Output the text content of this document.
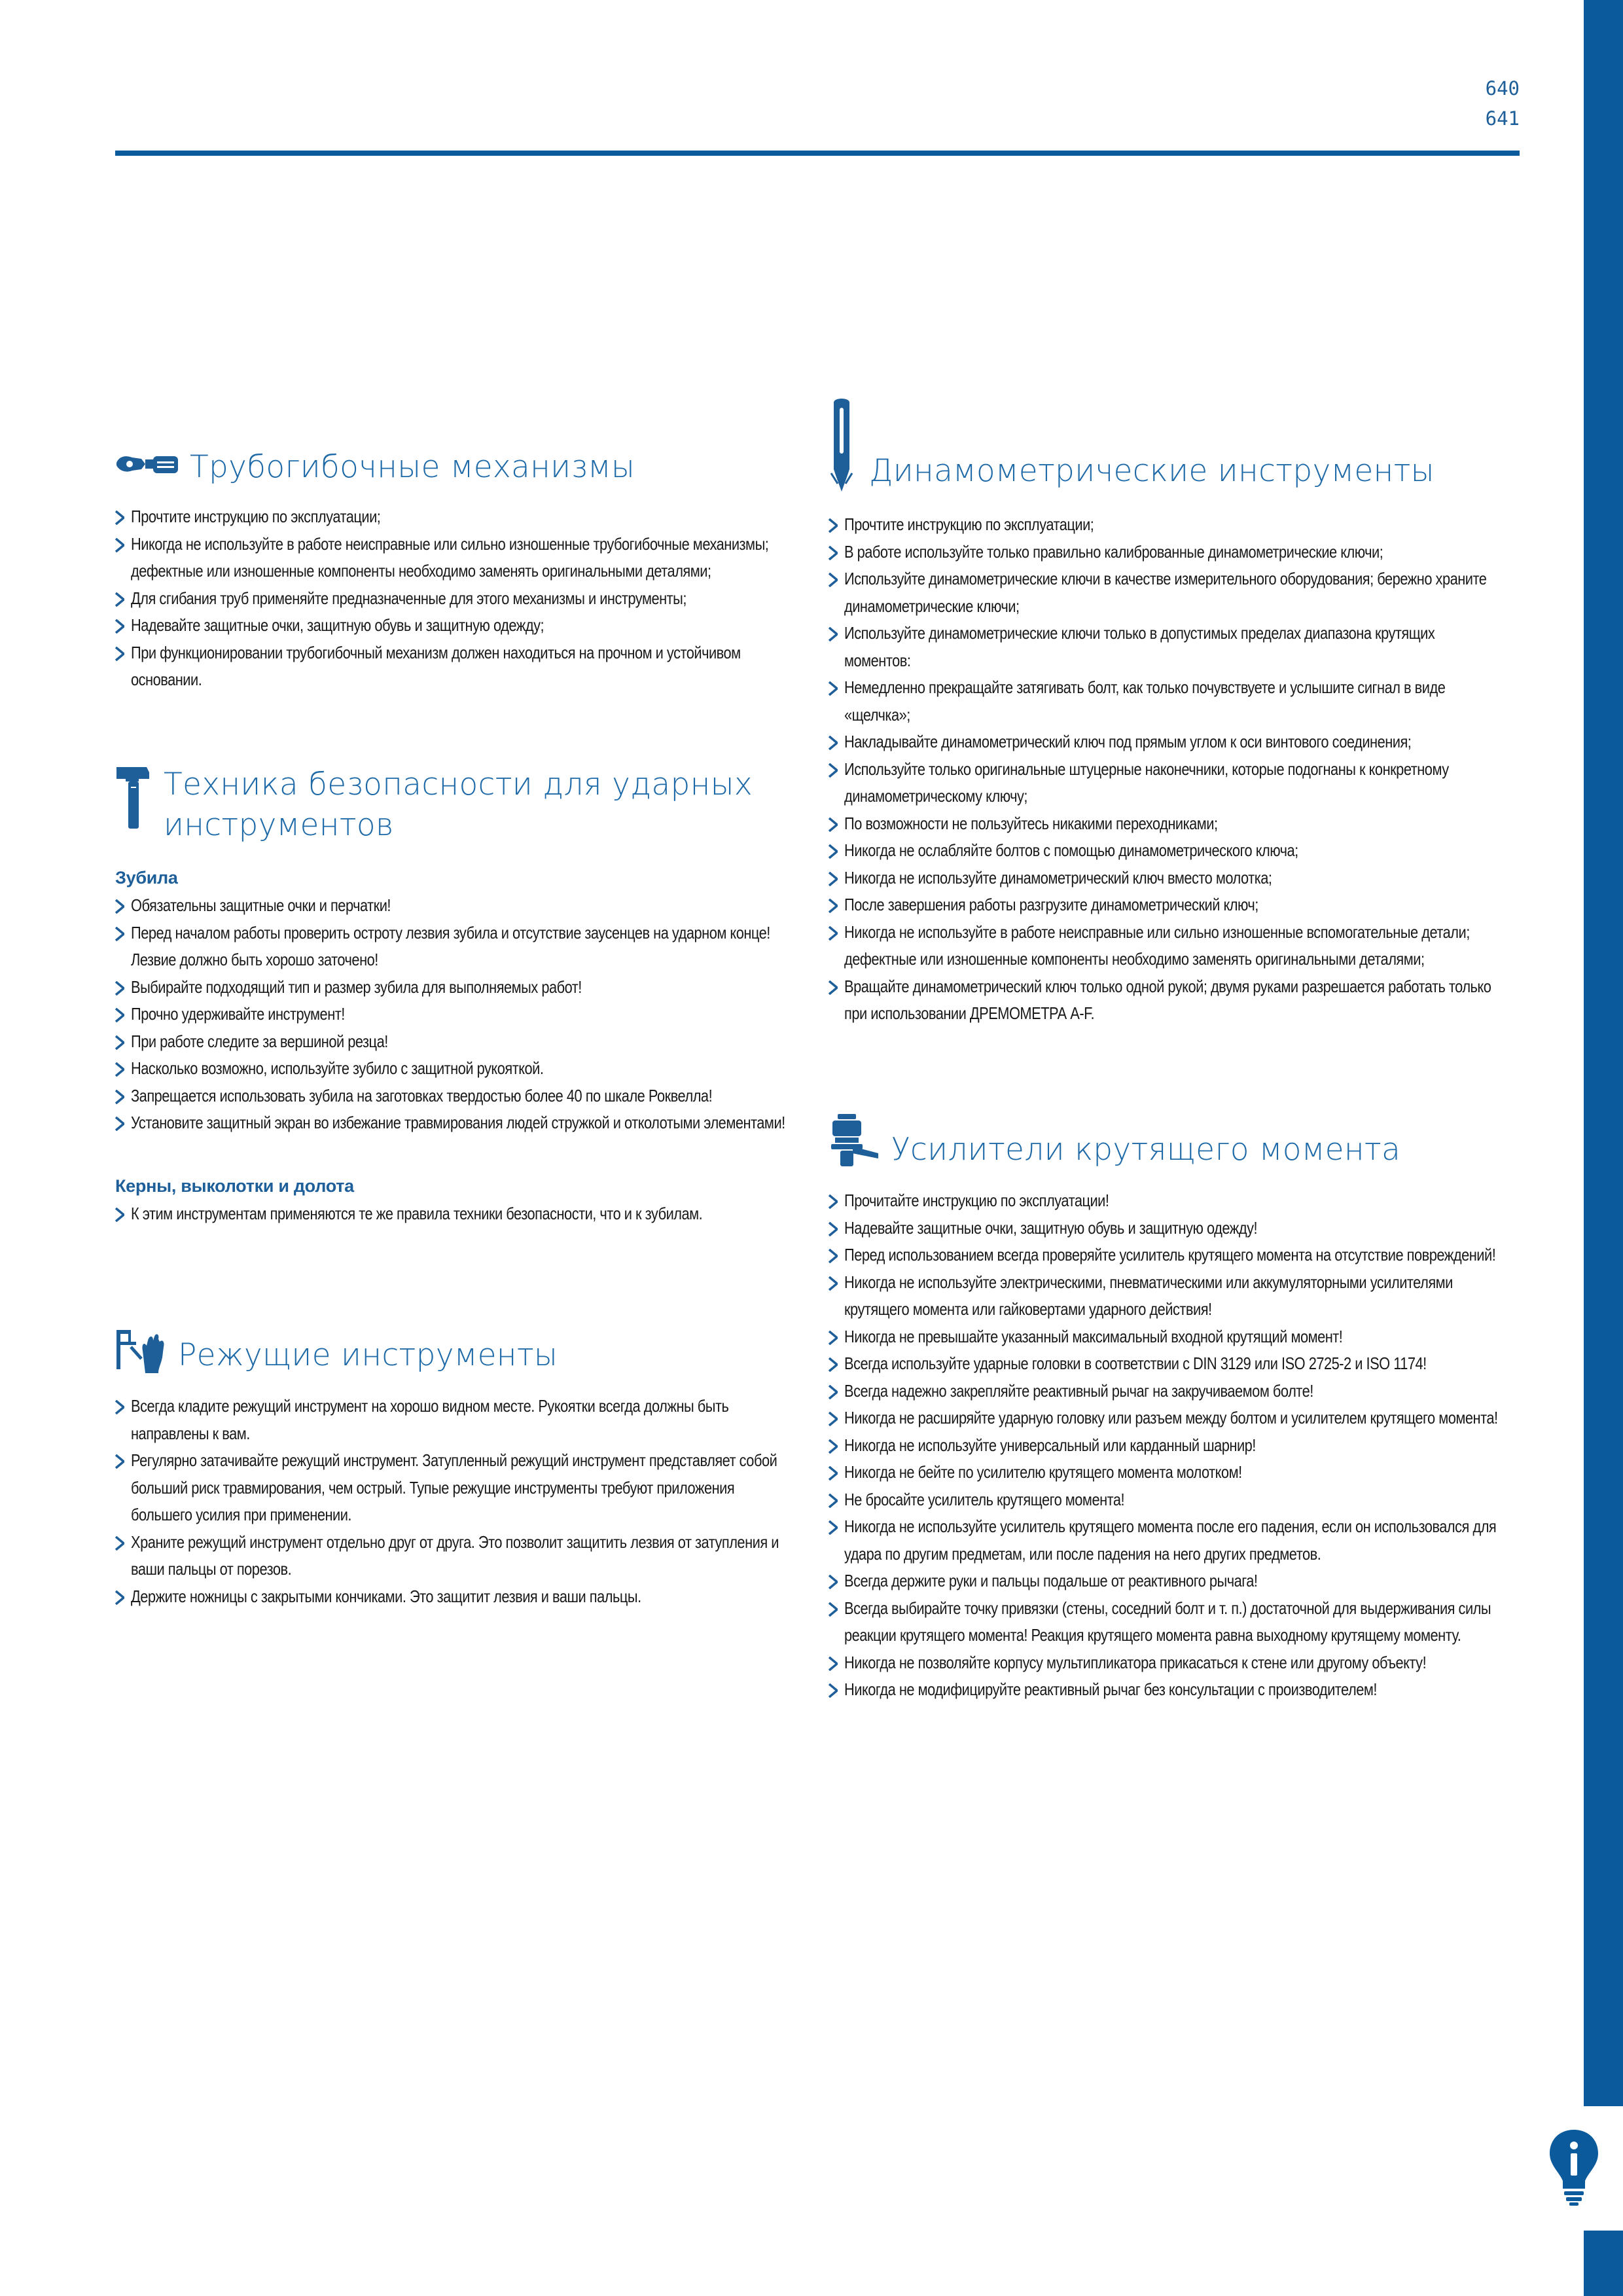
640
641
Трубогибочные механизмы
Прочтите инструкцию по эксплуатации;
Никогда не используйте в работе неисправные или сильно изношенные трубогибочные механизмы; дефектные или изношенные компоненты необходимо заменять оригинальными деталями;
Для сгибания труб применяйте предназначенные для этого механизмы и инструменты;
Надевайте защитные очки, защитную обувь и защитную одежду;
При функционировании трубогибочный механизм должен находиться на прочном и устойчивом основании.
Техника безопасности для ударных
инструментов
Зубила
Обязательны защитные очки и перчатки!
Перед началом работы проверить остроту лезвия зубила и отсутствие заусенцев на ударном конце! Лезвие должно быть хорошо заточено!
Выбирайте подходящий тип и размер зубила для выполняемых работ!
Прочно удерживайте инструмент!
При работе следите за вершиной резца!
Насколько возможно, используйте зубило с защитной рукояткой.
Запрещается использовать зубила на заготовках твердостью более 40 по шкале Роквелла!
Установите защитный экран во избежание травмирования людей стружкой и отколотыми элементами!
Керны, выколотки и долота
К этим инструментам применяются те же правила техники безопасности, что и к зубилам.
Режущие инструменты
Всегда кладите режущий инструмент на хорошо видном месте. Рукоятки всегда должны быть направлены к вам.
Регулярно затачивайте режущий инструмент. Затупленный режущий инструмент представляет собой больший риск травмирования, чем острый. Тупые режущие инструменты требуют приложения большего усилия при применении.
Храните режущий инструмент отдельно друг от друга. Это позволит защитить лезвия от затупления и ваши пальцы от порезов.
Держите ножницы с закрытыми кончиками. Это защитит лезвия и ваши пальцы.
Динамометрические инструменты
Прочтите инструкцию по эксплуатации;
В работе используйте только правильно калиброванные динамометрические ключи;
Используйте динамометрические ключи в качестве измерительного оборудования; бережно храните динамометрические ключи;
Используйте динамометрические ключи только в допустимых пределах диапазона крутящих моментов:
Немедленно прекращайте затягивать болт, как только почувствуете и услышите сигнал в виде «щелчка»;
Накладывайте динамометрический ключ под прямым углом к оси винтового соединения;
Используйте только оригинальные штуцерные наконечники, которые подогнаны к конкретному динамометрическому ключу;
По возможности не пользуйтесь никакими переходниками;
Никогда не ослабляйте болтов с помощью динамометрического ключа;
Никогда не используйте динамометрический ключ вместо молотка;
После завершения работы разгрузите динамометрический ключ;
Никогда не используйте в работе неисправные или сильно изношенные вспомогательные детали; дефектные или изношенные компоненты необходимо заменять оригинальными деталями;
Вращайте динамометрический ключ только одной рукой; двумя руками разрешается работать только при использовании ДРЕМОМЕТРА A-F.
Усилители крутящего момента
Прочитайте инструкцию по эксплуатации!
Надевайте защитные очки, защитную обувь и защитную одежду!
Перед использованием всегда проверяйте усилитель крутящего момента на отсутствие повреждений!
Никогда не используйте электрическими, пневматическими или аккумуляторными усилителями крутящего момента или гайковертами ударного действия!
Никогда не превышайте указанный максимальный входной крутящий момент!
Всегда используйте ударные головки в соответствии с DIN 3129 или ISO 2725-2 и ISO 1174!
Всегда надежно закрепляйте реактивный рычаг на закручиваемом болте!
Никогда не расширяйте ударную головку или разъем между болтом и усилителем крутящего момента!
Никогда не используйте универсальный или карданный шарнир!
Никогда не бейте по усилителю крутящего момента молотком!
Не бросайте усилитель крутящего момента!
Никогда не используйте усилитель крутящего момента после его падения, если он использовался для удара по другим предметам, или после падения на него других предметов.
Всегда держите руки и пальцы подальше от реактивного рычага!
Всегда выбирайте точку привязки (стены, соседний болт и т. п.) достаточной для выдерживания силы реакции крутящего момента! Реакция крутящего момента равна выходному крутящему моменту.
Никогда не позволяйте корпусу мультипликатора прикасаться к стене или другому объекту!
Никогда не модифицируйте реактивный рычаг без консультации с производителем!
